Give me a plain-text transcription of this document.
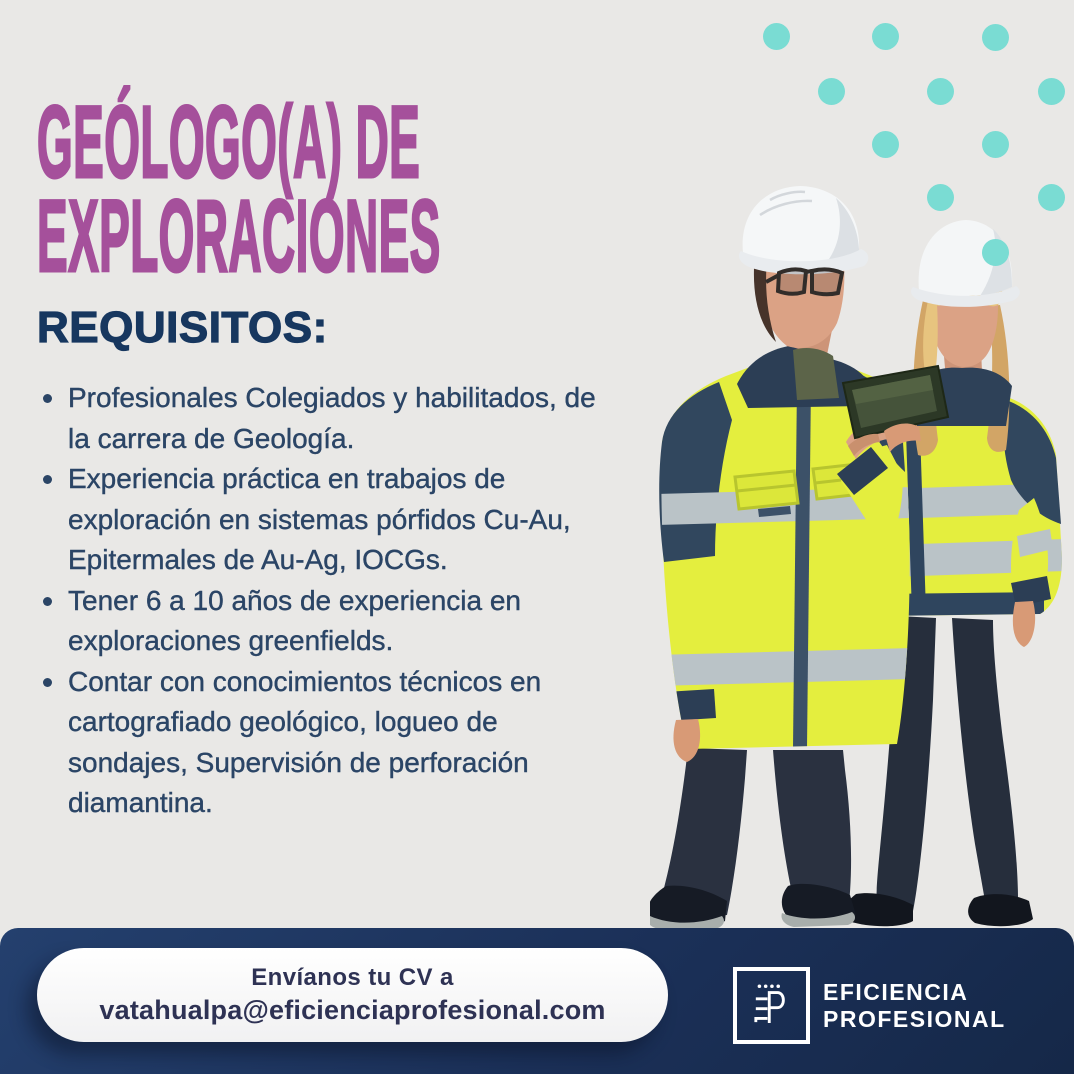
GEÓLOGO(A) DE
EXPLORACIONES
REQUISITOS:
Profesionales Colegiados y habilitados, de la carrera de Geología.
Experiencia práctica en trabajos de exploración en sistemas pórfidos Cu-Au, Epitermales de Au-Ag, IOCGs.
Tener 6 a 10 años de experiencia en exploraciones greenfields.
Contar con conocimientos técnicos en cartografiado geológico, logueo de sondajes, Supervisión de perforación diamantina.
Envíanos tu CV a
vatahualpa@eficienciaprofesional.com
EFICIENCIA
PROFESIONAL
